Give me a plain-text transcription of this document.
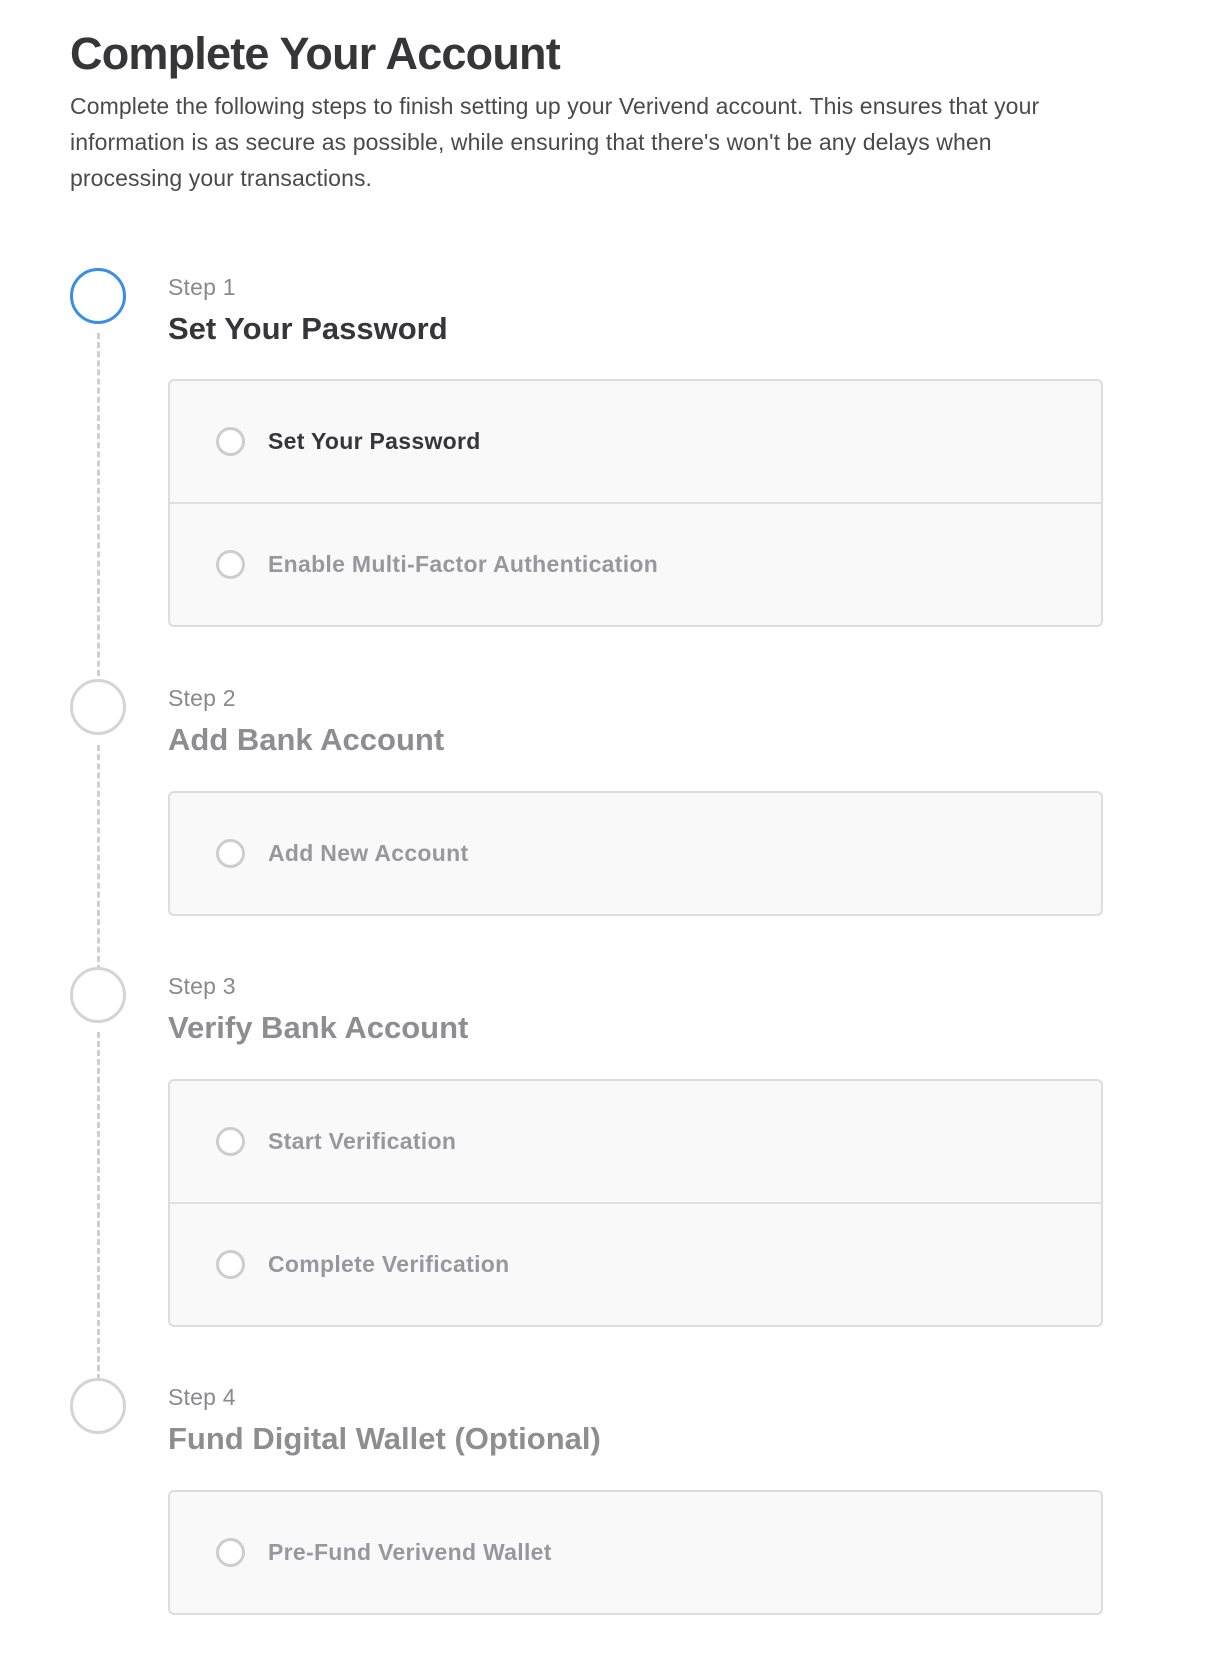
Complete Your Account

Complete the following steps to finish setting up your Verivend account. This ensures that your information is as secure as possible, while ensuring that there's won't be any delays when processing your transactions.

Step 1
Set Your Password
Set Your Password
Enable Multi-Factor Authentication
Step 2
Add Bank Account
Add New Account
Step 3
Verify Bank Account
Start Verification
Complete Verification
Step 4
Fund Digital Wallet (Optional)
Pre-Fund Verivend Wallet
